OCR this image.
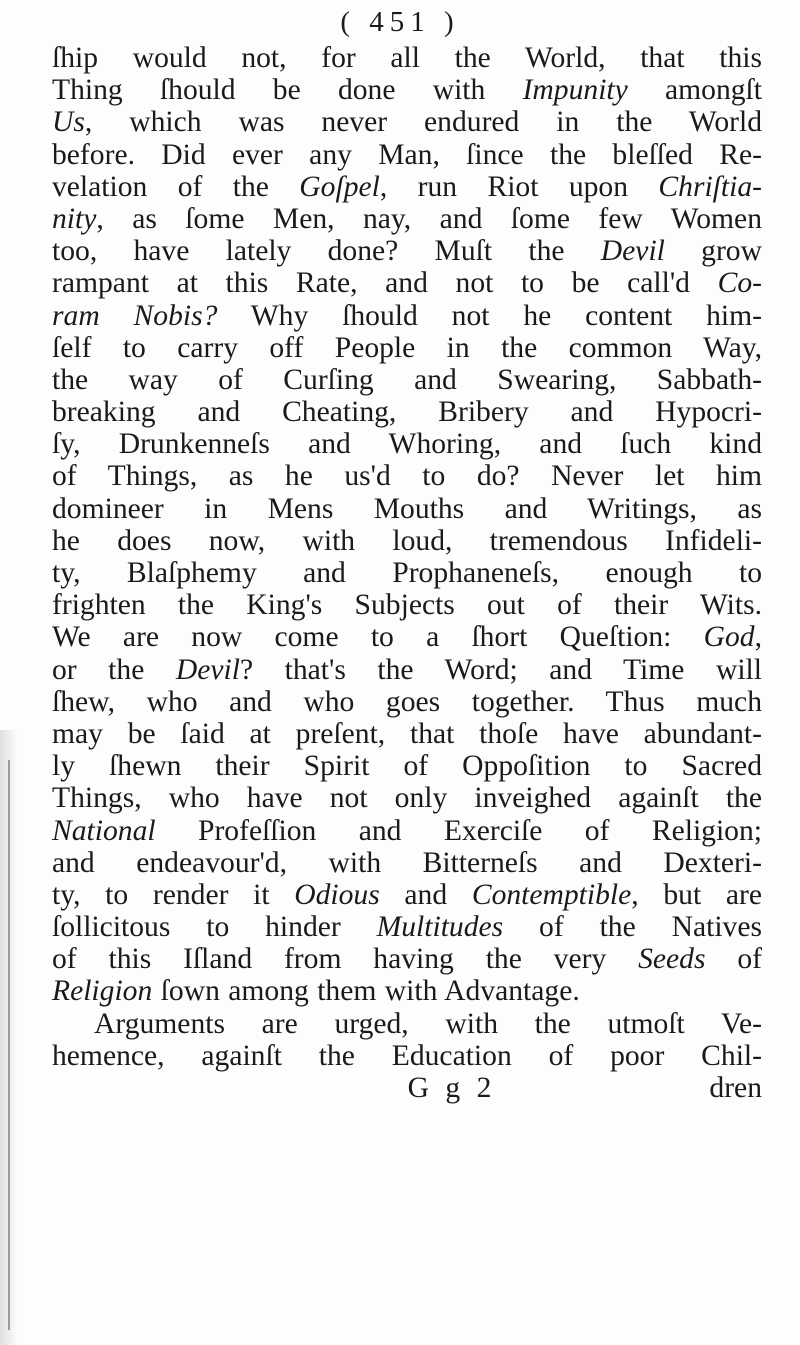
( 451 )
ſhip would not, for all the World, that this
Thing ſhould be done with Impunity amongſt
Us, which was never endured in the World
before. Did ever any Man, ſince the bleſſed Re-
velation of the Goſpel, run Riot upon Chriſtia-
nity, as ſome Men, nay, and ſome few Women
too, have lately done? Muſt the Devil grow
rampant at this Rate, and not to be call'd Co-
ram Nobis? Why ſhould not he content him-
ſelf to carry off People in the common Way,
the way of Curſing and Swearing, Sabbath-
breaking and Cheating, Bribery and Hypocri-
ſy, Drunkenneſs and Whoring, and ſuch kind
of Things, as he us'd to do? Never let him
domineer in Mens Mouths and Writings, as
he does now, with loud, tremendous Infideli-
ty, Blaſphemy and Prophaneneſs, enough to
frighten the King's Subjects out of their Wits.
We are now come to a ſhort Queſtion: God,
or the Devil? that's the Word; and Time will
ſhew, who and who goes together. Thus much
may be ſaid at preſent, that thoſe have abundant-
ly ſhewn their Spirit of Oppoſition to Sacred
Things, who have not only inveighed againſt the
National Profeſſion and Exerciſe of Religion;
and endeavour'd, with Bitterneſs and Dexteri-
ty, to render it Odious and Contemptible, but are
ſollicitous to hinder Multitudes of the Natives
of this Iſland from having the very Seeds of
Religion ſown among them with Advantage.
Arguments are urged, with the utmoſt Ve-
hemence, againſt the Education of poor Chil-
G g 2	dren
